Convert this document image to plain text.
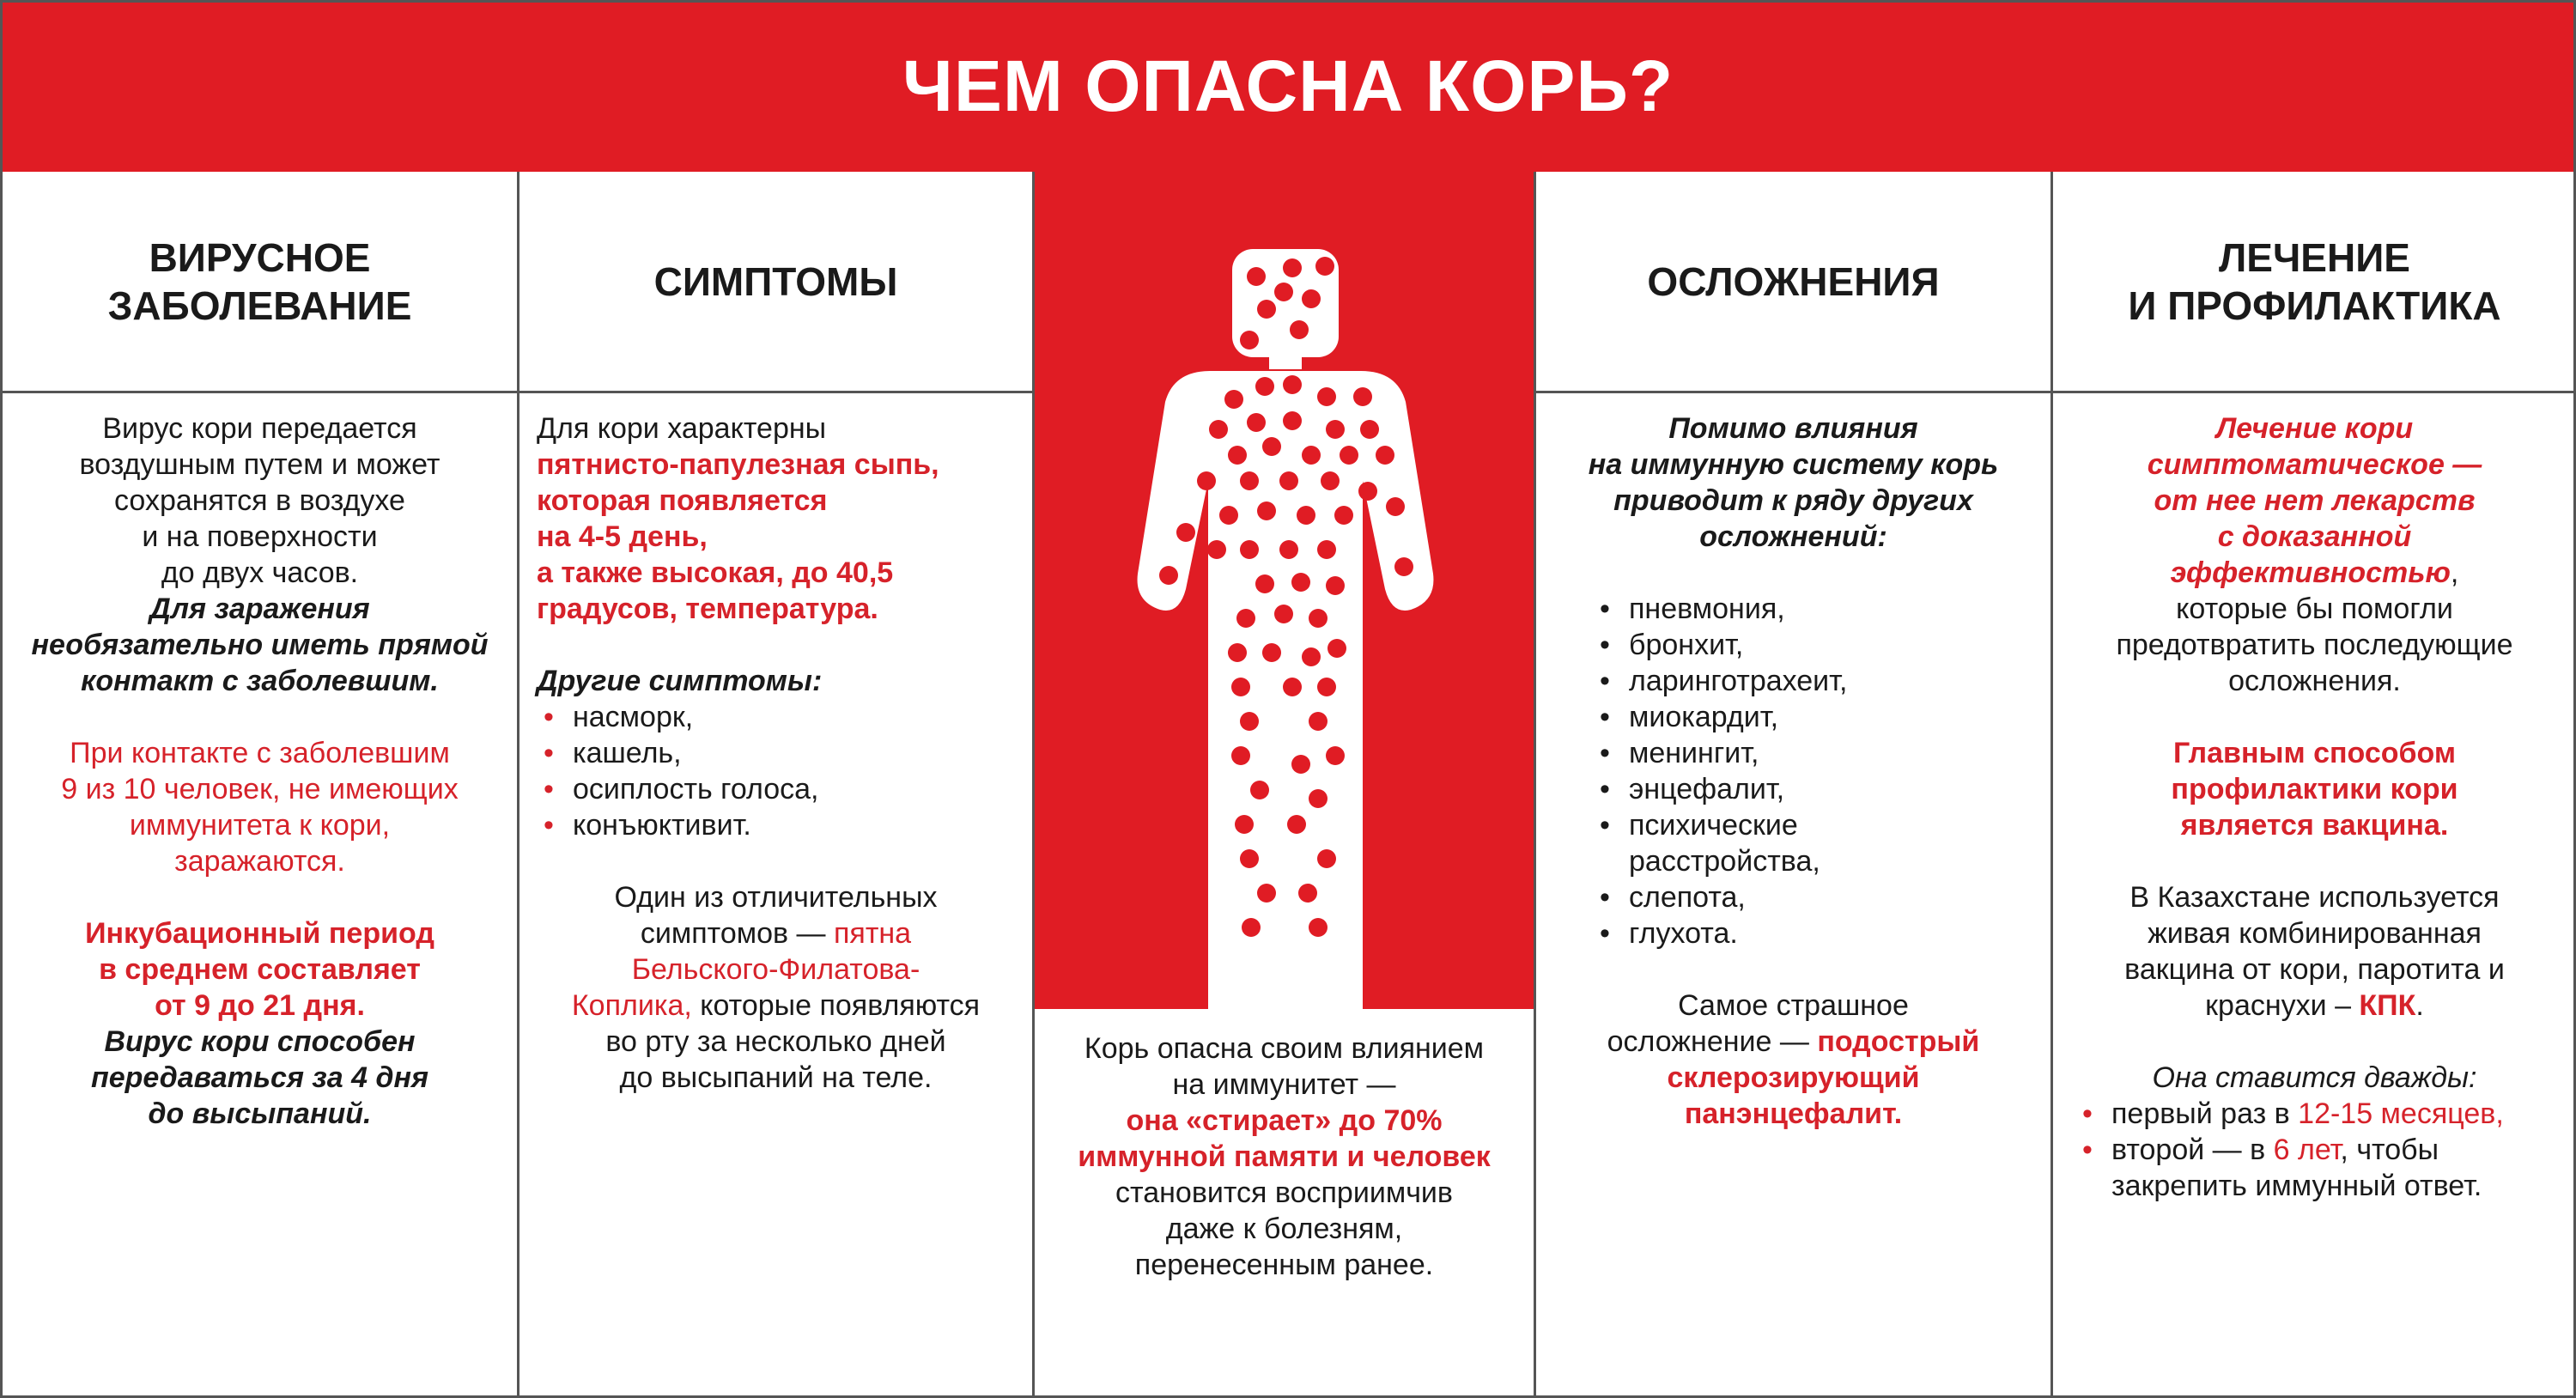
ЧЕМ ОПАСНА КОРЬ?
ВИРУСНОЕ
ЗАБОЛЕВАНИЕ

Вирус кори передается

воздушным путем и может

сохранятся в воздухе

и на поверхности

до двух часов.

Для заражения

необязательно иметь прямой

контакт с заболевшим.

При контакте с заболевшим

9 из 10 человек, не имеющих

иммунитета к кори,

заражаются.

Инкубационный период

в среднем составляет

от 9 до 21 дня.

Вирус кори способен

передаваться за 4 дня

до высыпаний.

СИМПТОМЫ

Для кори характерны

пятнисто-папулезная сыпь,

которая появляется

на 4-5 день,

а также высокая, до 40,5

градусов, температура.

Другие симптомы:

• насморк,
• кашель,
• осиплость голоса,
• конъюктивит.

Один из отличительных

симптомов — пятна

Бельского-Филатова-

Коплика, которые появляются

во рту за несколько дней

до высыпаний на теле.

Корь опасна своим влиянием

на иммунитет —

она «стирает» до 70%

иммунной памяти и человек

становится восприимчив

даже к болезням,

перенесенным ранее.

ОСЛОЖНЕНИЯ

Помимо влияния

на иммунную систему корь

приводит к ряду других

осложнений:

• пневмония,
• бронхит,
• ларинготрахеит,
• миокардит,
• менингит,
• энцефалит,
• психические расстройства,
• слепота,
• глухота.

Самое страшное

осложнение — подострый

склерозирующий

панэнцефалит.

ЛЕЧЕНИЕ
И ПРОФИЛАКТИКА

Лечение кори

симптоматическое —

от нее нет лекарств

с доказанной

эффективностью,

которые бы помогли

предотвратить последующие

осложнения.

Главным способом

профилактики кори

является вакцина.

В Казахстане используется

живая комбинированная

вакцина от кори, паротита и

краснухи – КПК.

Она ставится дважды:

• первый раз в 12-15 месяцев,
• второй — в 6 лет, чтобы
закрепить иммунный ответ.
